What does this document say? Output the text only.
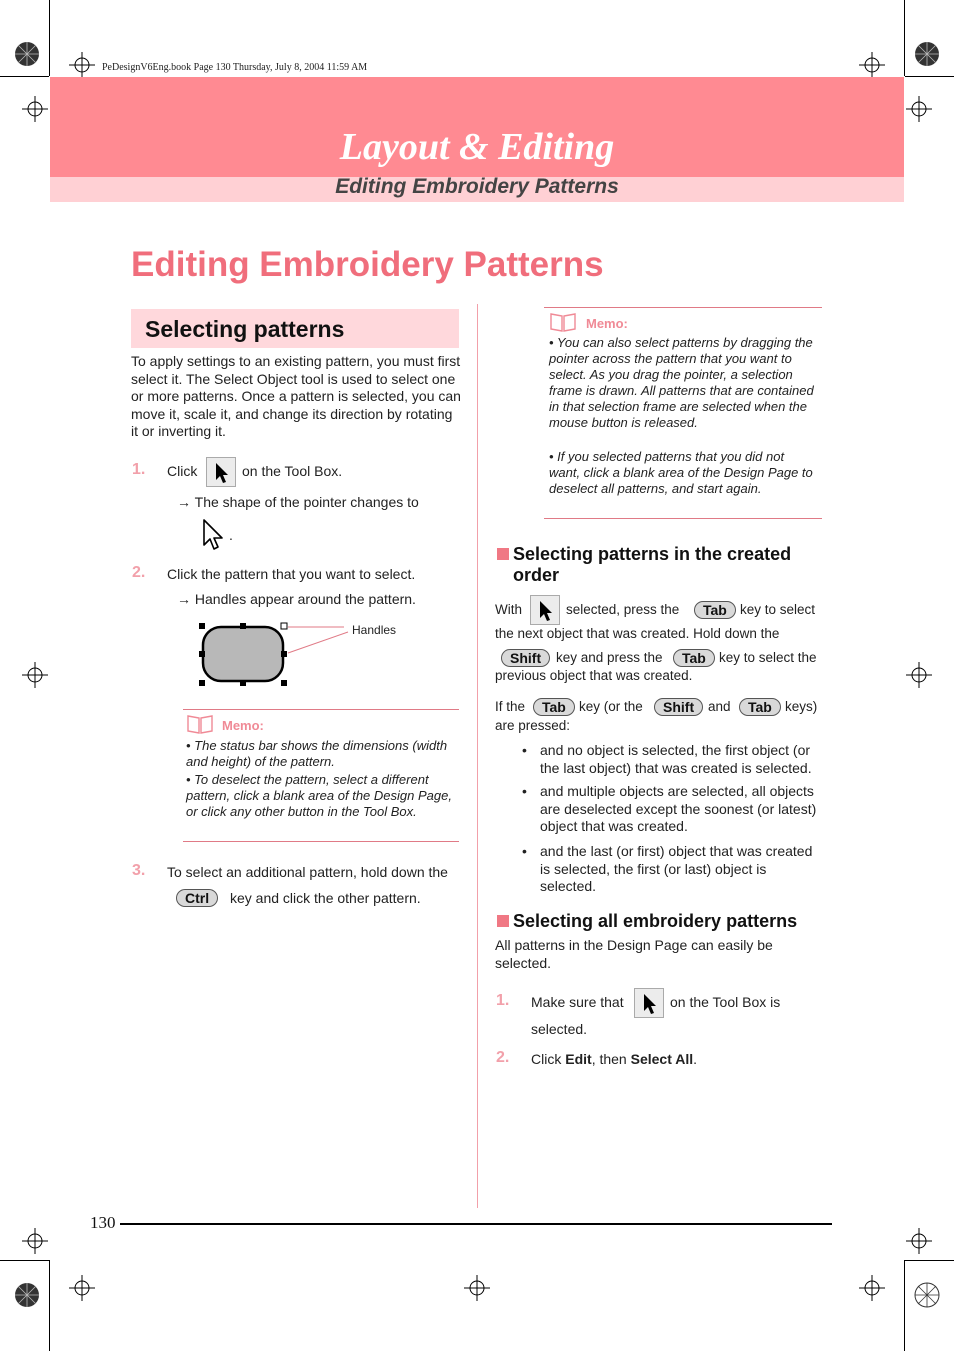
PeDesignV6Eng.book Page 130 Thursday, July 8, 2004 11:59 AM
Layout & Editing
Editing Embroidery Patterns
Editing Embroidery Patterns
Selecting patterns
To apply settings to an existing pattern, you must first select it. The Select Object tool is used to select one or more patterns. Once a pattern is selected, you can move it, scale it, and change its direction by rotating it or inverting it.
1. Click	on the Tool Box.
→ The shape of the pointer changes to
.
2. Click the pattern that you want to select.
→ Handles appear around the pattern.
Handles
Memo:
• The status bar shows the dimensions (width and height) of the pattern.
• To deselect the pattern, select a different pattern, click a blank area of the Design Page, or click any other button in the Tool Box.
3. To select an additional pattern, hold down the
Ctrl	key and click the other pattern.
Memo:
• You can also select patterns by dragging the pointer across the pattern that you want to select. As you drag the pointer, a selection frame is drawn. All patterns that are contained in that selection frame are selected when the mouse button is released.
• If you selected patterns that you did not want, click a blank area of the Design Page to deselect all patterns, and start again.
Selecting patterns in the created
order
With	selected, press the	Tab key to select
the next object that was created. Hold down the
Shift	key and press the	Tab key to select the
previous object that was created.
If the	Tab key (or the	Shift	and	Tab keys)
are pressed:
• and no object is selected, the first object (or the last object) that was created is selected.
• and multiple objects are selected, all objects are deselected except the soonest (or latest) object that was created.
• and the last (or first) object that was created is selected, the first (or last) object is selected.
Selecting all embroidery patterns
All patterns in the Design Page can easily be selected.
1. Make sure that	on the Tool Box is
selected.
2. Click Edit, then Select All.
130
